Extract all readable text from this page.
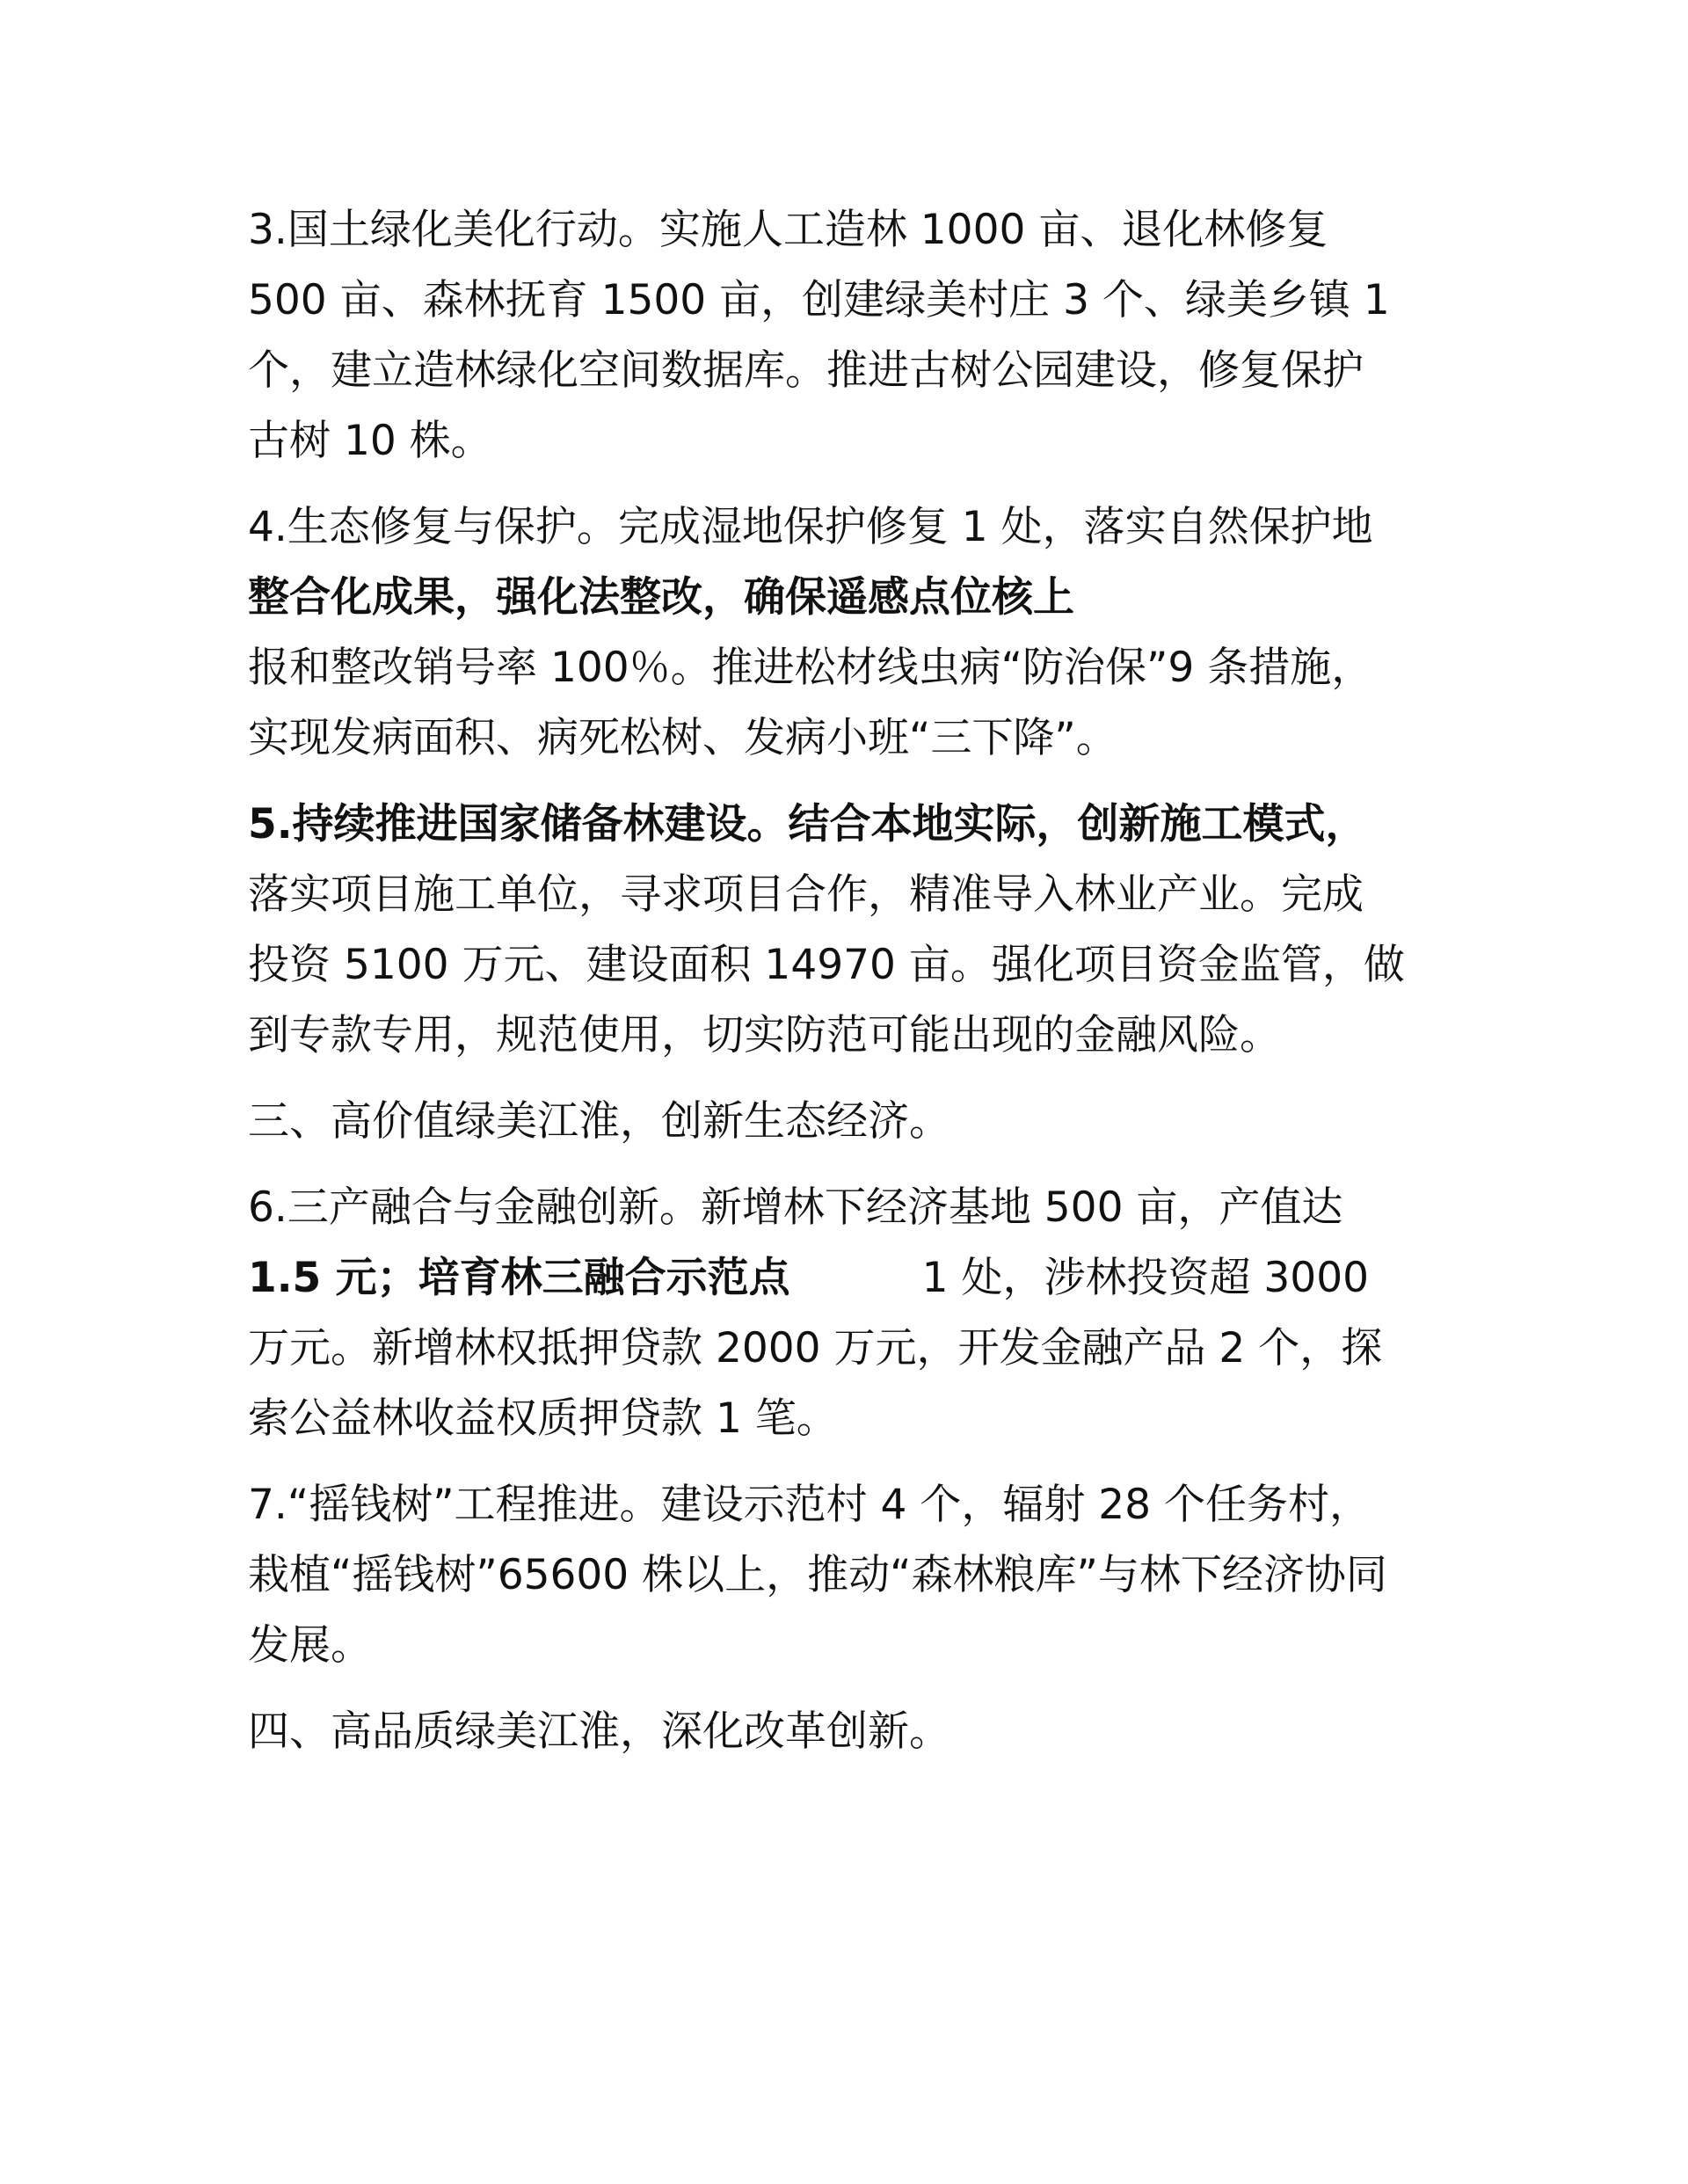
3.国土绿化美化行动。实施人工造林 1000 亩、退化林修复
500 亩、森林抚育 1500 亩，创建绿美村庄 3 个、绿美乡镇 1
个，建立造林绿化空间数据库。推进古树公园建设，修复保护
古树 10 株。

4.生态修复与保护。完成湿地保护修复 1 处，落实自然保护地
整合化成果，强化法整改，确保遥感点位核上
报和整改销号率 100％。推进松材线虫病“防治保”9 条措施，
实现发病面积、病死松树、发病小班“三下降”。

5.持续推进国家储备林建设。结合本地实际，创新施工模式，
落实项目施工单位，寻求项目合作，精准导入林业产业。完成
投资 5100 万元、建设面积 14970 亩。强化项目资金监管，做
到专款专用，规范使用，切实防范可能出现的金融风险。

三、高价值绿美江淮，创新生态经济。

6.三产融合与金融创新。新增林下经济基地 500 亩，产值达
1.5 元；培育林三融合示范点	1 处，涉林投资超 3000
万元。新增林权抵押贷款 2000 万元，开发金融产品 2 个，探
索公益林收益权质押贷款 1 笔。

7.“摇钱树”工程推进。建设示范村 4 个，辐射 28 个任务村，
栽植“摇钱树”65600 株以上，推动“森林粮库”与林下经济协同
发展。

四、高品质绿美江淮，深化改革创新。
